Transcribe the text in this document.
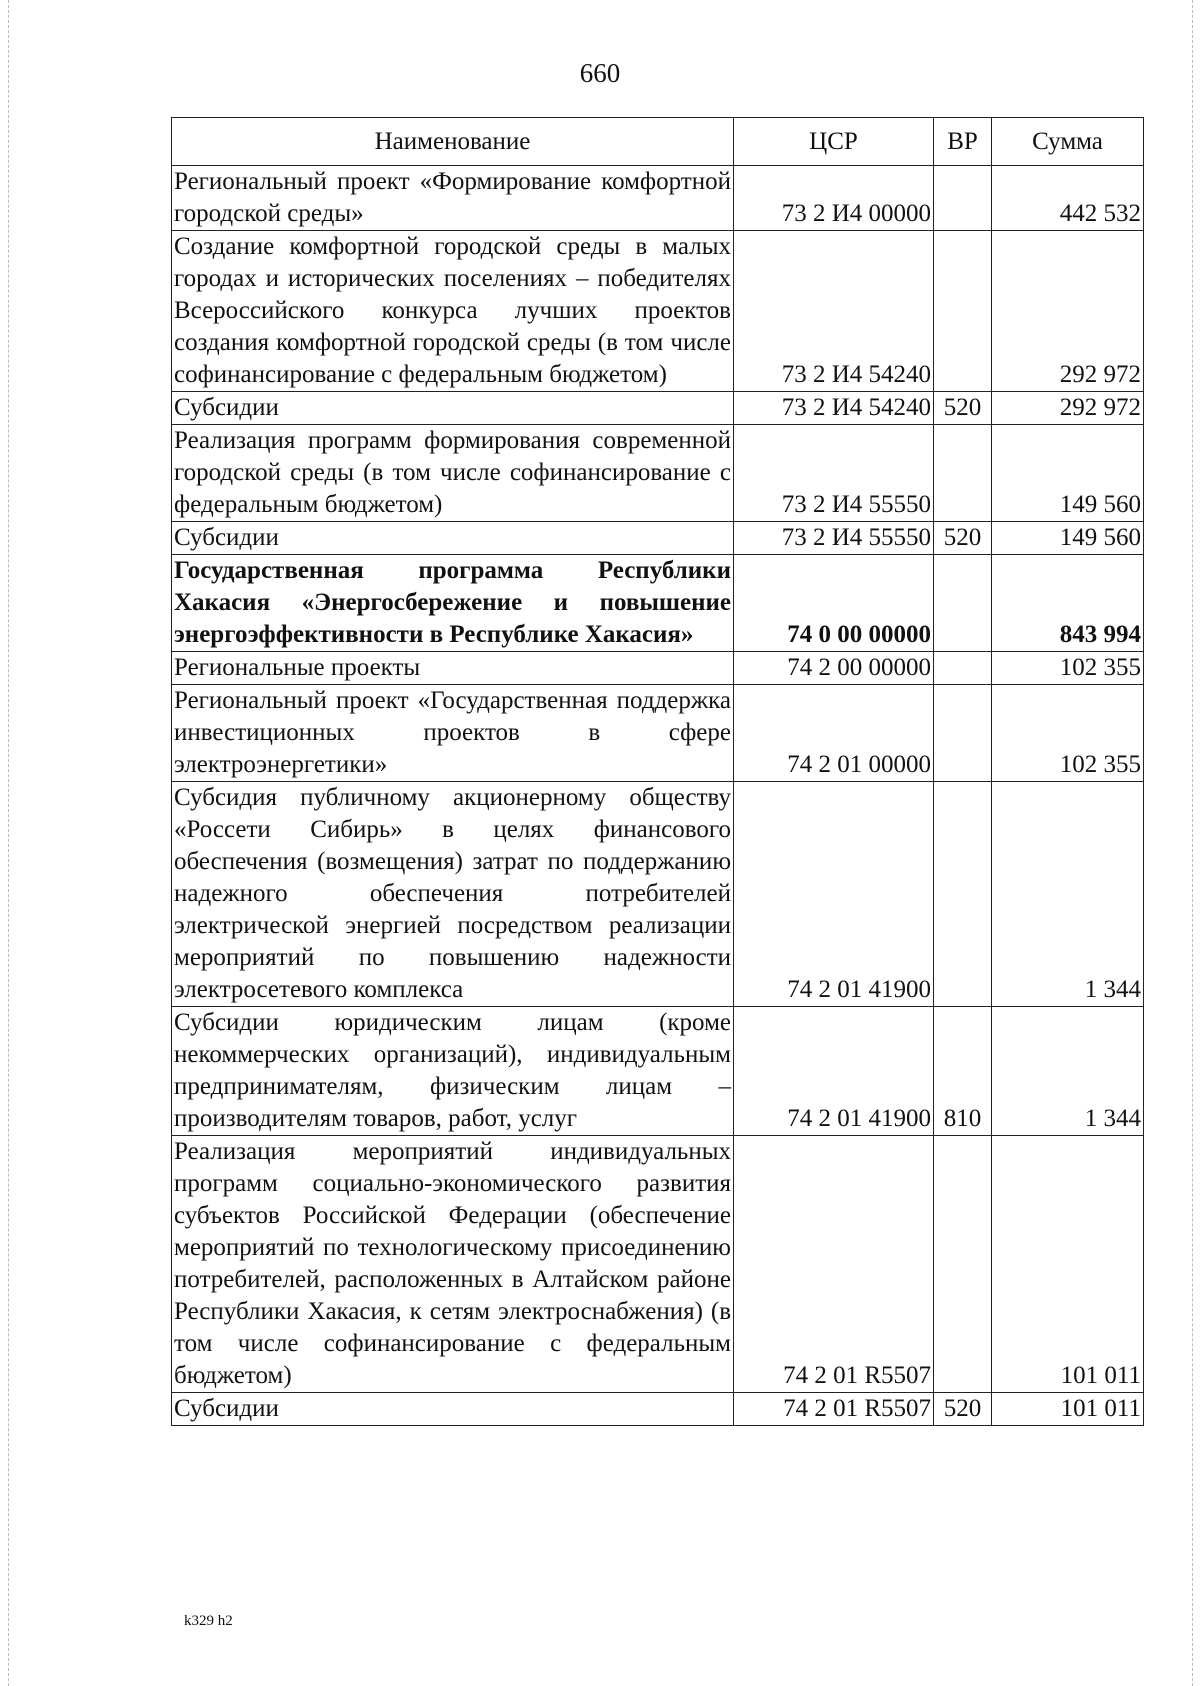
660
Наименование	ЦСР	ВР	Сумма
Региональный проект «Формирование комфортной городской среды»	73 2 И4 00000		442 532
Создание комфортной городской среды в малых городах и исторических поселениях – победителях Всероссийского конкурса лучших проектов создания комфортной городской среды (в том числе софинансирование с федеральным бюджетом)	73 2 И4 54240		292 972
Субсидии	73 2 И4 54240	520	292 972
Реализация программ формирования современной городской среды (в том числе софинансирование с федеральным бюджетом)	73 2 И4 55550		149 560
Субсидии	73 2 И4 55550	520	149 560
Государственная программа Республики Хакасия «Энергосбережение и повышение энергоэффективности в Республике Хакасия»	74 0 00 00000		843 994
Региональные проекты	74 2 00 00000		102 355
Региональный проект «Государственная поддержка инвестиционных проектов в сфере электроэнергетики»	74 2 01 00000		102 355
Субсидия публичному акционерному обществу «Россети Сибирь» в целях финансового обеспечения (возмещения) затрат по поддержанию надежного обеспечения потребителей электрической энергией посредством реализации мероприятий по повышению надежности электросетевого комплекса	74 2 01 41900		1 344
Субсидии юридическим лицам (кроме некоммерческих организаций), индивидуальным предпринимателям, физическим лицам – производителям товаров, работ, услуг	74 2 01 41900	810	1 344
Реализация мероприятий индивидуальных программ социально-экономического развития субъектов Российской Федерации (обеспечение мероприятий по технологическому присоединению потребителей, расположенных в Алтайском районе Республики Хакасия, к сетям электроснабжения) (в том числе софинансирование с федеральным бюджетом)	74 2 01 R5507		101 011
Субсидии	74 2 01 R5507	520	101 011
k329 h2
